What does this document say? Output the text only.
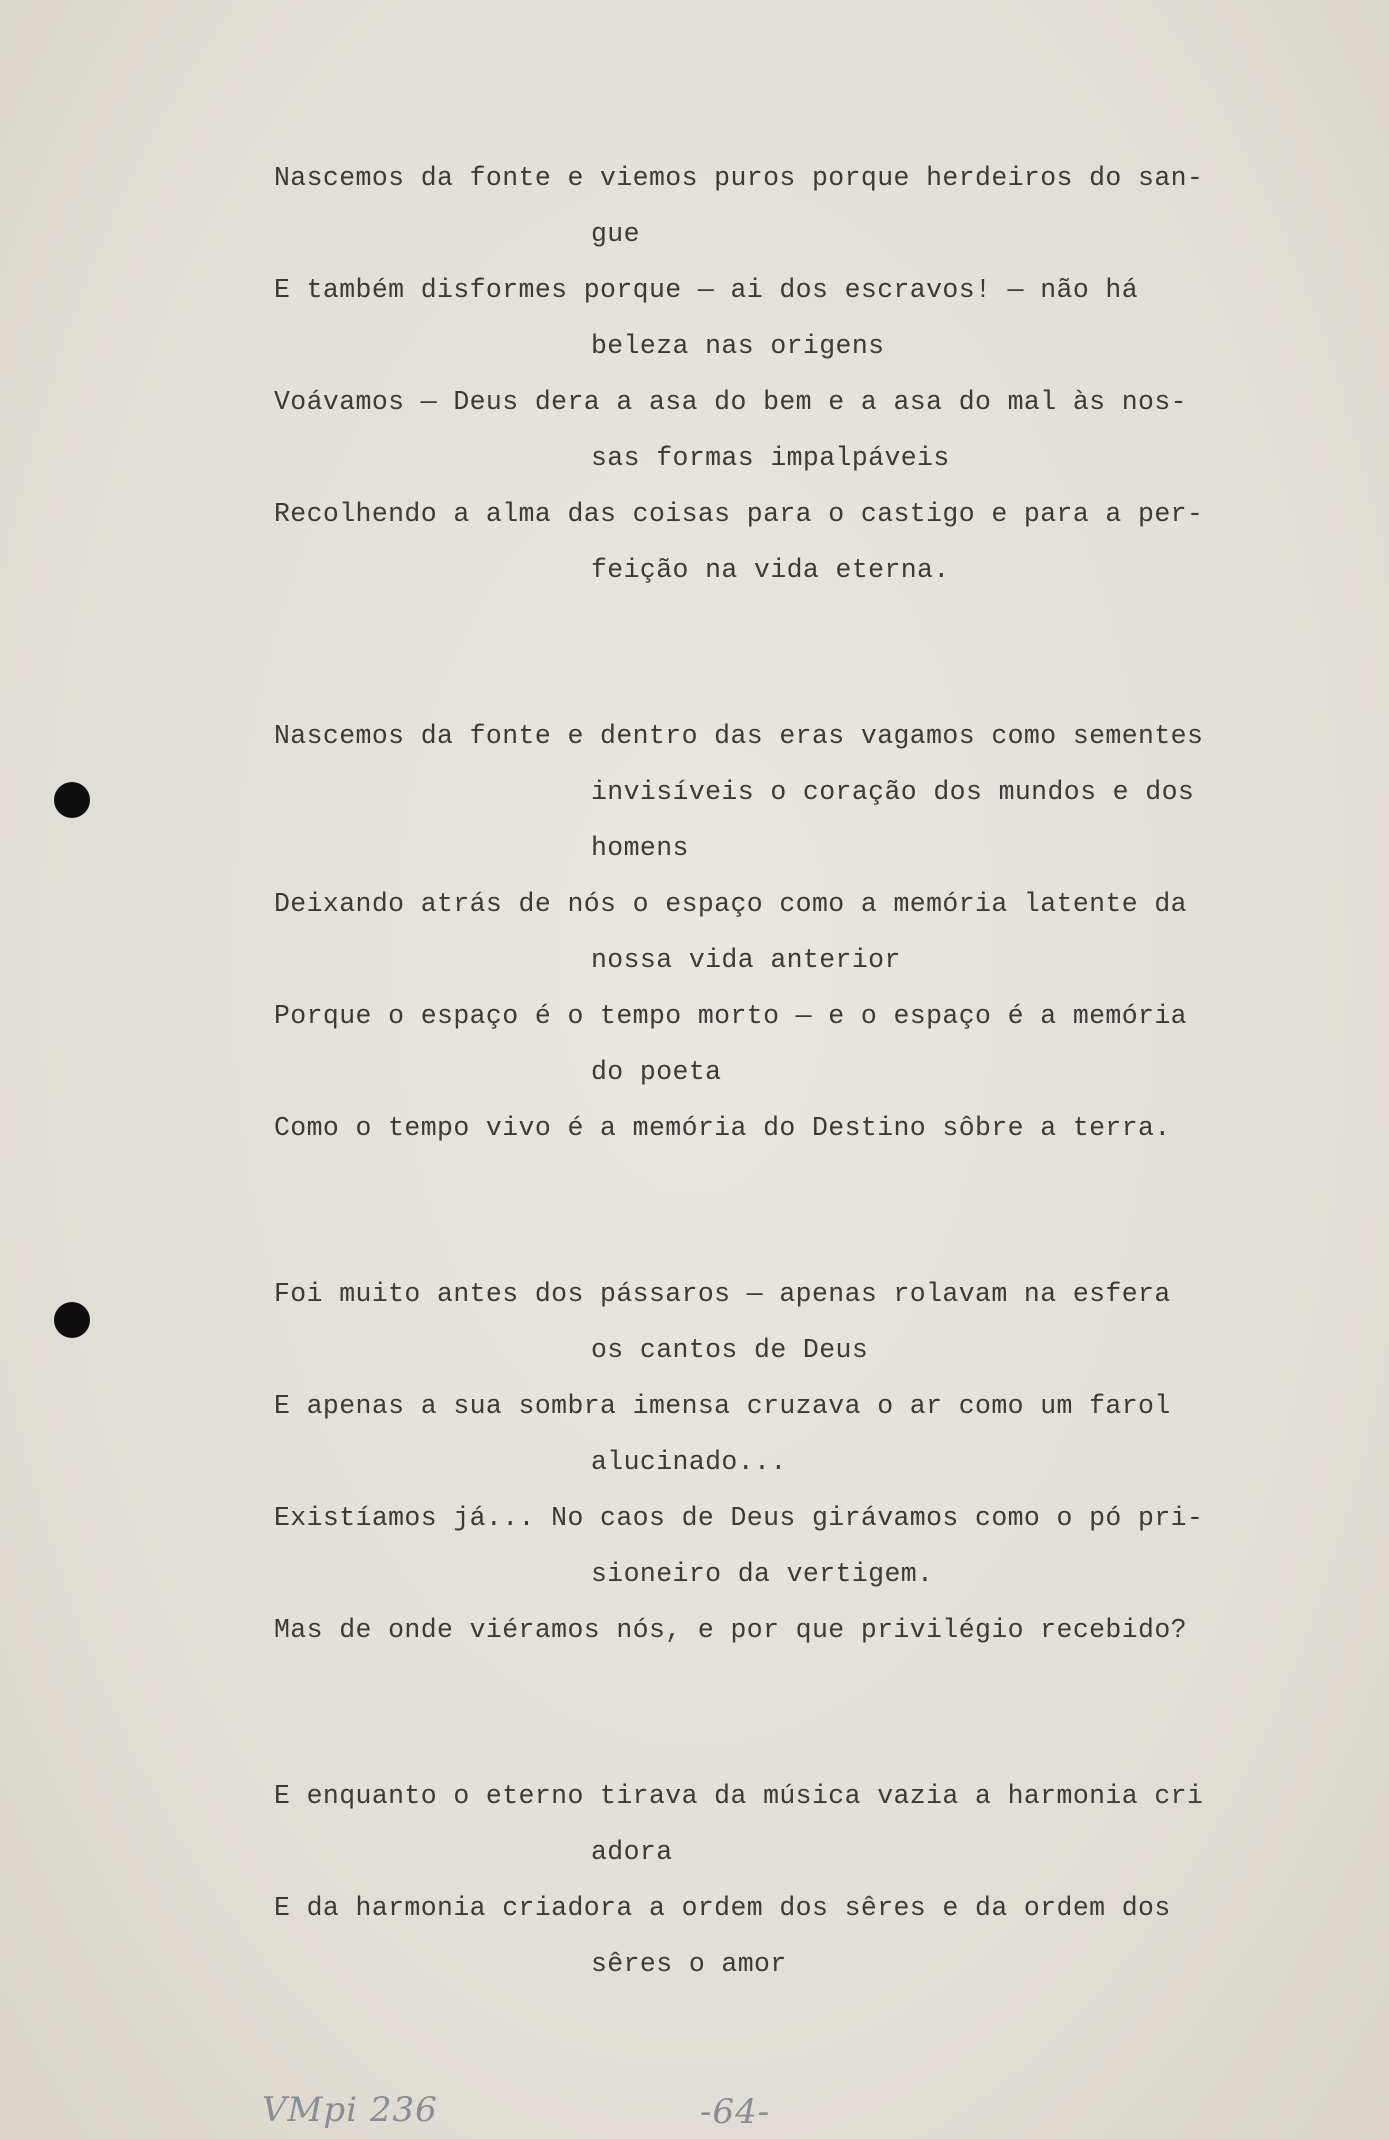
Nascemos da fonte e viemos puros porque herdeiros do san-
gue
E também disformes porque — ai dos escravos! — não há
beleza nas origens
Voávamos — Deus dera a asa do bem e a asa do mal às nos-
sas formas impalpáveis
Recolhendo a alma das coisas para o castigo e para a per-
feição na vida eterna.
Nascemos da fonte e dentro das eras vagamos como sementes
invisíveis o coração dos mundos e dos
homens
Deixando atrás de nós o espaço como a memória latente da
nossa vida anterior
Porque o espaço é o tempo morto — e o espaço é a memória
do poeta
Como o tempo vivo é a memória do Destino sôbre a terra.
Foi muito antes dos pássaros — apenas rolavam na esfera
os cantos de Deus
E apenas a sua sombra imensa cruzava o ar como um farol
alucinado...
Existíamos já... No caos de Deus girávamos como o pó pri-
sioneiro da vertigem.
Mas de onde viéramos nós, e por que privilégio recebido?
E enquanto o eterno tirava da música vazia a harmonia cri
adora
E da harmonia criadora a ordem dos sêres e da ordem dos
sêres o amor
VMpi 236	-64-
